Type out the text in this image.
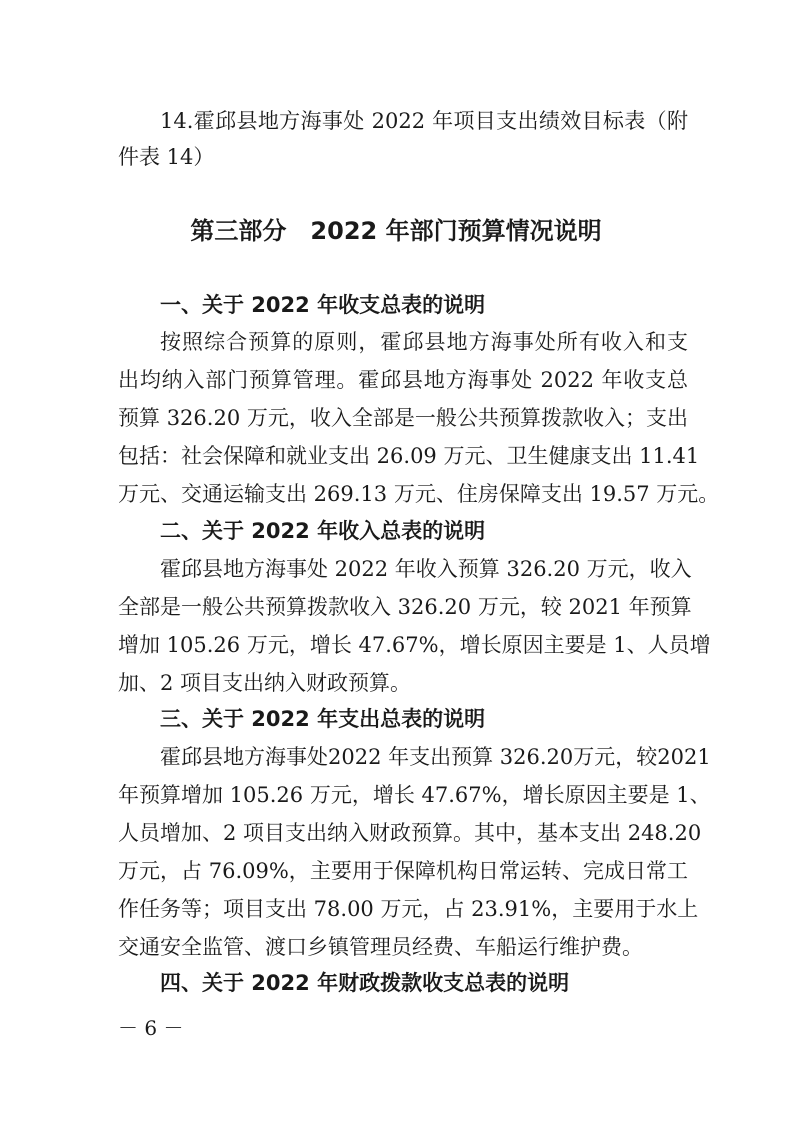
14.霍邱县地方海事处 2022 年项目支出绩效目标表（附
件表 14）
第三部分 2022 年部门预算情况说明
一、关于 2022 年收支总表的说明
按照综合预算的原则，霍邱县地方海事处所有收入和支
出均纳入部门预算管理。霍邱县地方海事处 2022 年收支总
预算 326.20 万元，收入全部是一般公共预算拨款收入；支出
包括：社会保障和就业支出 26.09 万元、卫生健康支出 11.41
万元、交通运输支出 269.13 万元、住房保障支出 19.57 万元。
二、关于 2022 年收入总表的说明
霍邱县地方海事处 2022 年收入预算 326.20 万元，收入
全部是一般公共预算拨款收入 326.20 万元，较 2021 年预算
增加 105.26 万元，增长 47.67%，增长原因主要是 1、人员增
加、2 项目支出纳入财政预算。
三、关于 2022 年支出总表的说明
霍邱县地方海事处2022 年支出预算 326.20万元，较2021
年预算增加 105.26 万元，增长 47.67%，增长原因主要是 1、
人员增加、2 项目支出纳入财政预算。其中，基本支出 248.20
万元，占 76.09%，主要用于保障机构日常运转、完成日常工
作任务等；项目支出 78.00 万元，占 23.91%，主要用于水上
交通安全监管、渡口乡镇管理员经费、车船运行维护费。
四、关于 2022 年财政拨款收支总表的说明
－ 6 －
